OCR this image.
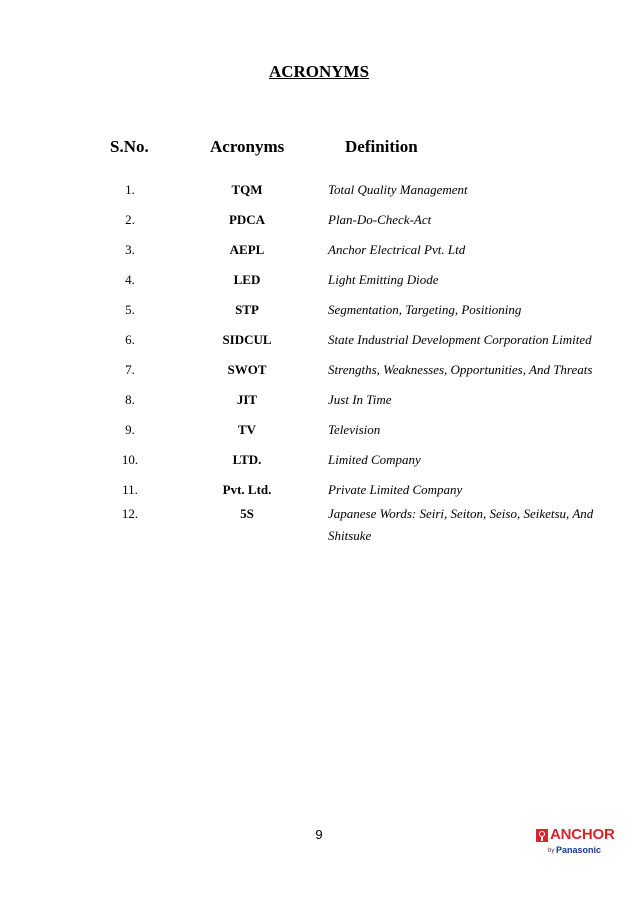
ACRONYMS
S.No.	Acronyms	Definition
1.	TQM	Total Quality Management
2.	PDCA	Plan-Do-Check-Act
3.	AEPL	Anchor Electrical Pvt. Ltd
4.	LED	Light Emitting Diode
5.	STP	Segmentation, Targeting, Positioning
6.	SIDCUL	State Industrial Development Corporation Limited
7.	SWOT	Strengths, Weaknesses, Opportunities, And Threats
8.	JIT	Just In Time
9.	TV	Television
10.	LTD.	Limited Company
11.	Pvt. Ltd.	Private Limited Company
12.	5S	Japanese Words: Seiri, Seiton, Seiso, Seiketsu, And Shitsuke
9	ANCHOR
by Panasonic
